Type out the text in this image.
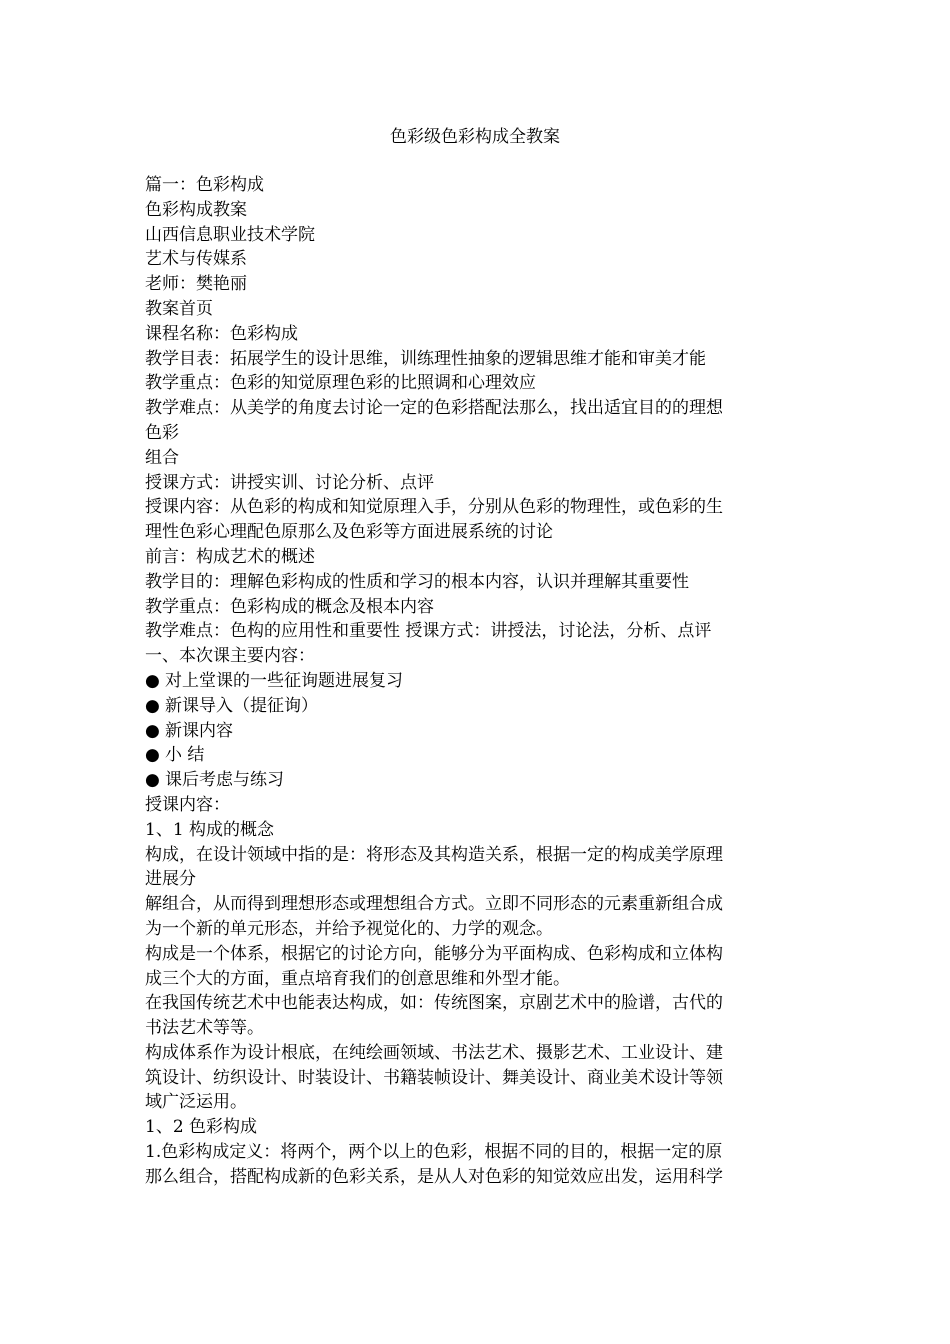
色彩级色彩构成全教案
篇一：色彩构成
色彩构成教案
山西信息职业技术学院
艺术与传媒系
老师：樊艳丽
教案首页
课程名称：色彩构成
教学目表：拓展学生的设计思维，训练理性抽象的逻辑思维才能和审美才能
教学重点：色彩的知觉原理色彩的比照调和心理效应
教学难点：从美学的角度去讨论一定的色彩搭配法那么，找出适宜目的的理想
色彩
组合
授课方式：讲授实训、讨论分析、点评
授课内容：从色彩的构成和知觉原理入手，分别从色彩的物理性，或色彩的生
理性色彩心理配色原那么及色彩等方面进展系统的讨论
前言：构成艺术的概述
教学目的：理解色彩构成的性质和学习的根本内容，认识并理解其重要性
教学重点：色彩构成的概念及根本内容
教学难点：色构的应用性和重要性 授课方式：讲授法，讨论法，分析、点评
一、本次课主要内容：
● 对上堂课的一些征询题进展复习
● 新课导入（提征询）
● 新课内容
● 小 结
● 课后考虑与练习
授课内容：
1、1 构成的概念
构成，在设计领域中指的是：将形态及其构造关系，根据一定的构成美学原理
进展分
解组合，从而得到理想形态或理想组合方式。立即不同形态的元素重新组合成
为一个新的单元形态，并给予视觉化的、力学的观念。
构成是一个体系，根据它的讨论方向，能够分为平面构成、色彩构成和立体构
成三个大的方面，重点培育我们的创意思维和外型才能。
在我国传统艺术中也能表达构成，如：传统图案，京剧艺术中的脸谱，古代的
书法艺术等等。
构成体系作为设计根底，在纯绘画领域、书法艺术、摄影艺术、工业设计、建
筑设计、纺织设计、时装设计、书籍装帧设计、舞美设计、商业美术设计等领
域广泛运用。
1、2 色彩构成
1.色彩构成定义：将两个，两个以上的色彩，根据不同的目的，根据一定的原
那么组合，搭配构成新的色彩关系，是从人对色彩的知觉效应出发，运用科学
